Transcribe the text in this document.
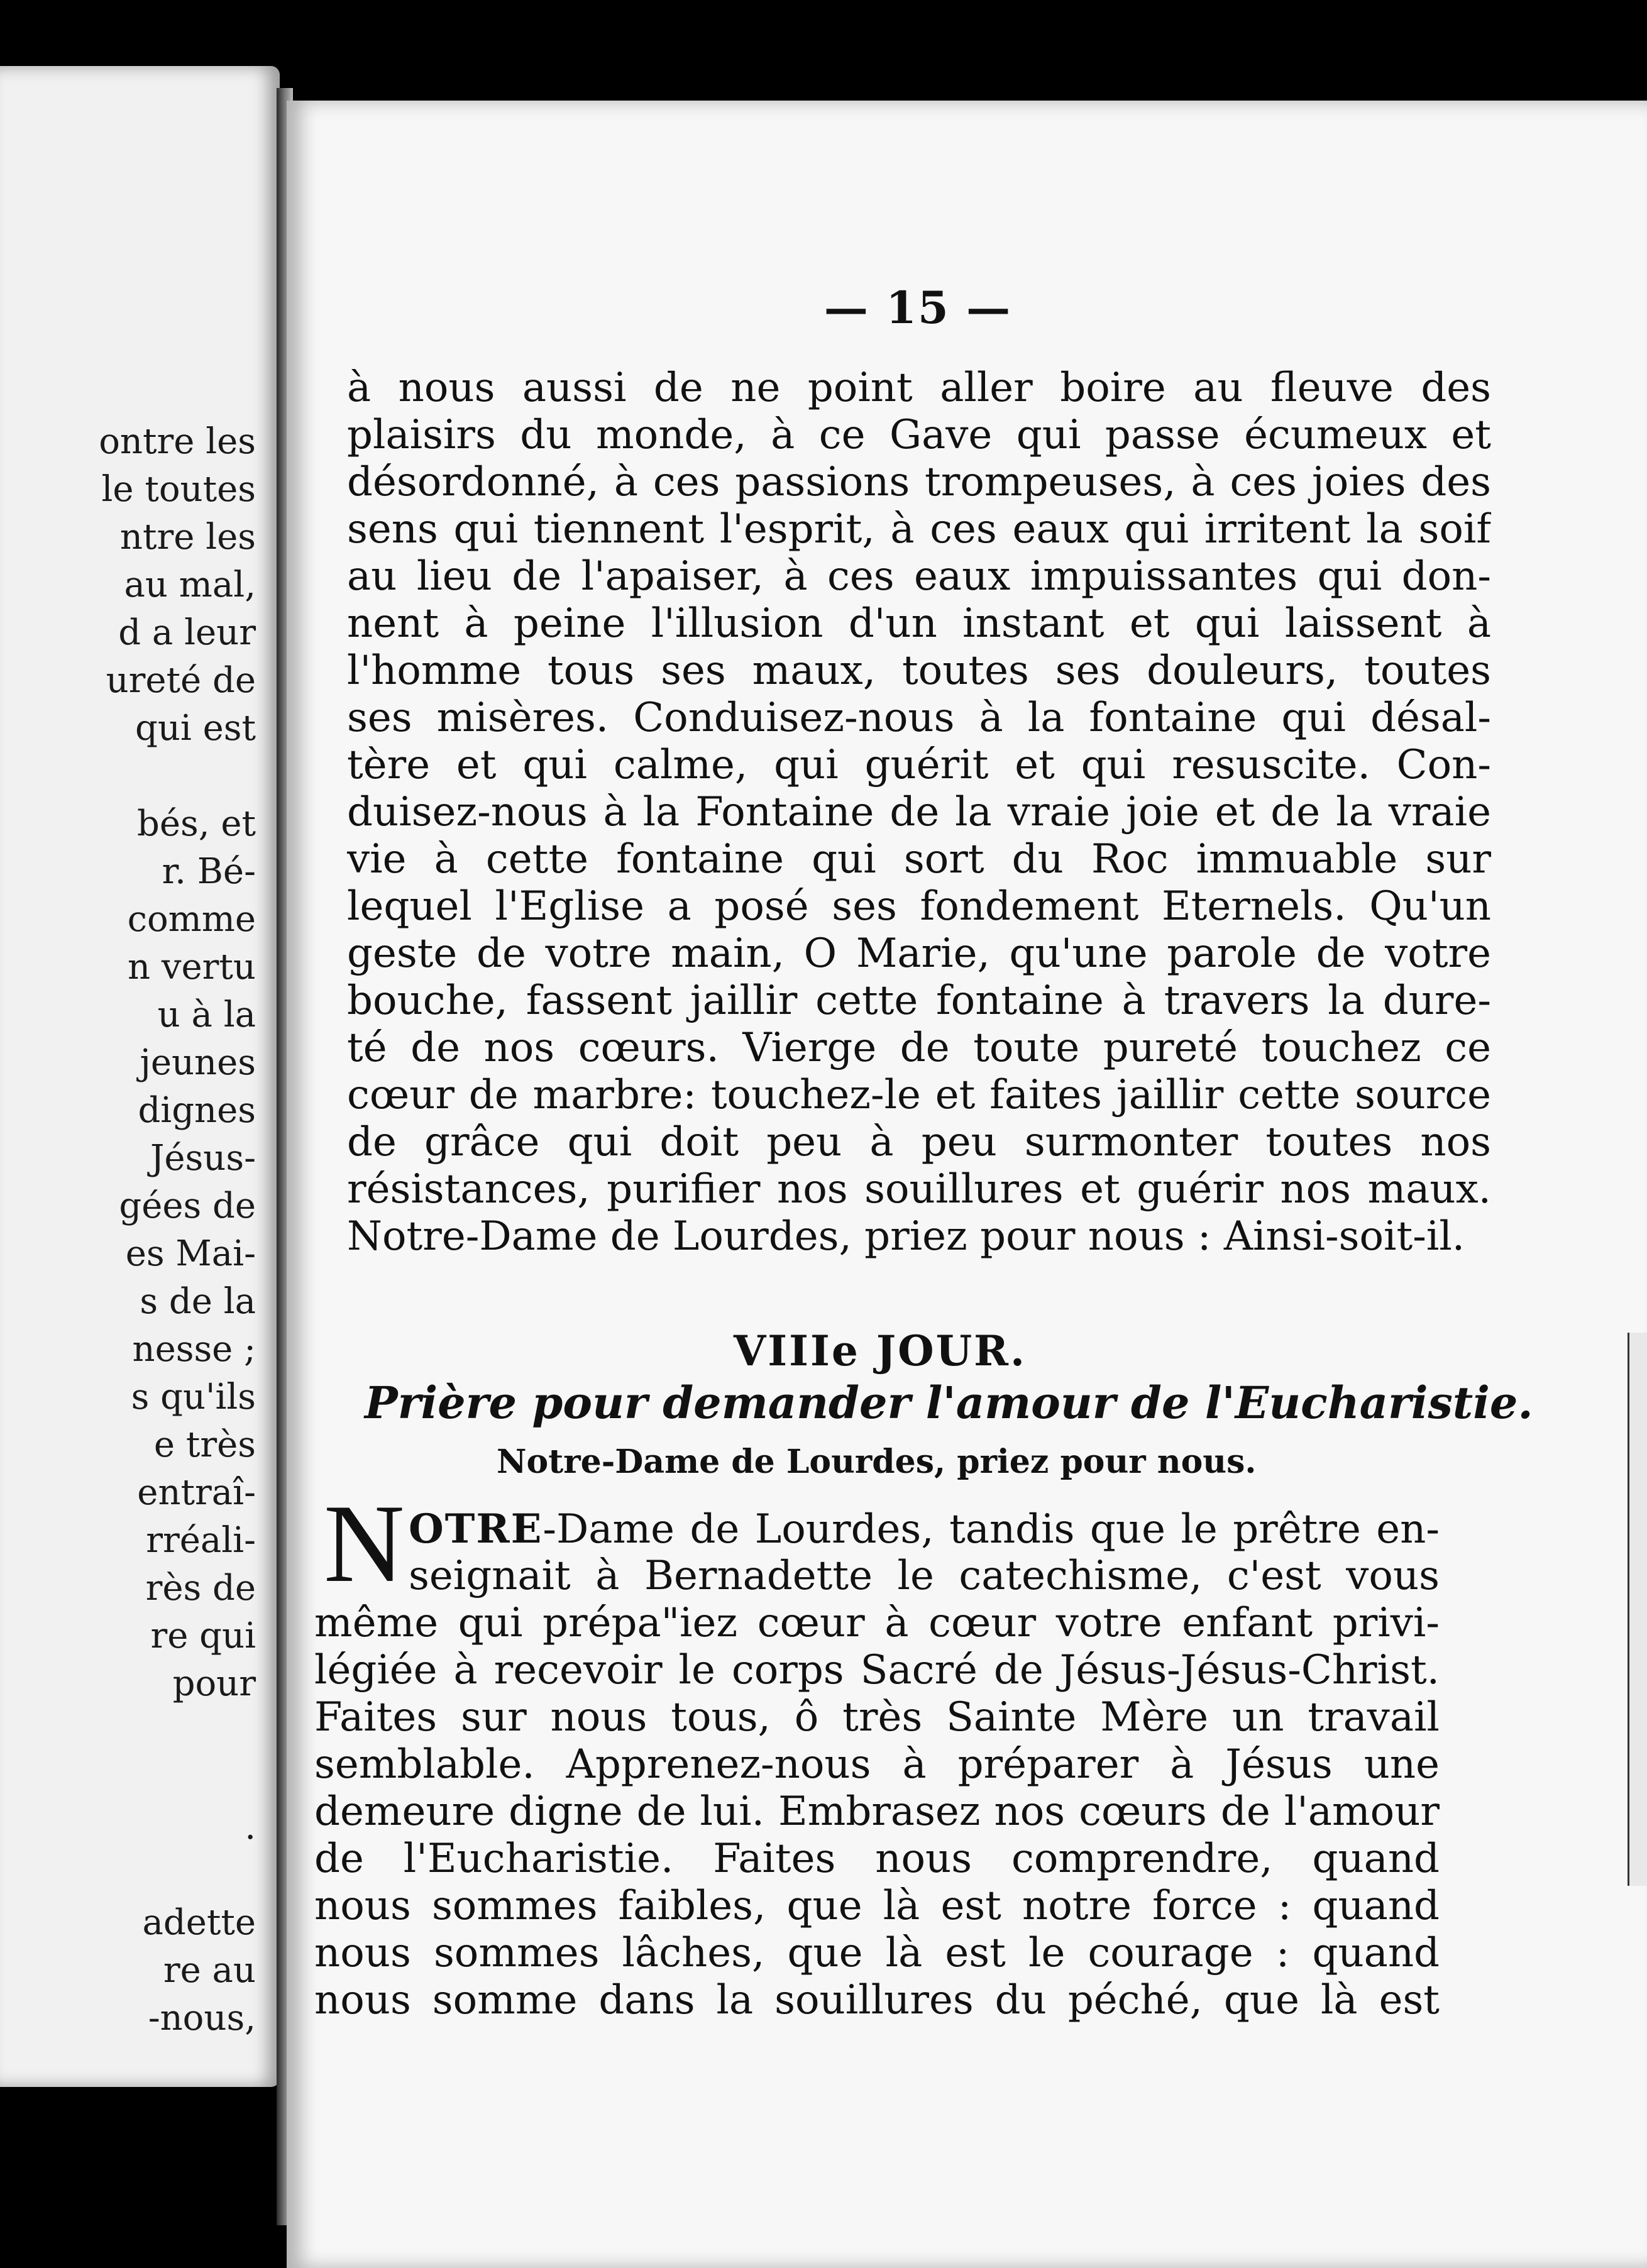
ontre les
le toutes
ntre les
au mal,
d a leur
ureté de
qui est

bés, et
r. Bé-
comme
n vertu
u à la
jeunes
dignes
Jésus-
gées de
es Mai-
s de la
nesse ;
s qu'ils
e très
entraî-
rréali-
rès de
re qui
pour

.

adette
re au
-nous,
— 15 —
à nous aussi de ne point aller boire au fleuve des
plaisirs du monde, à ce Gave qui passe écumeux et
désordonné, à ces passions trompeuses, à ces joies des
sens qui tiennent l'esprit, à ces eaux qui irritent la soif
au lieu de l'apaiser, à ces eaux impuissantes qui don-
nent à peine l'illusion d'un instant et qui laissent à
l'homme tous ses maux, toutes ses douleurs, toutes
ses misères. Conduisez-nous à la fontaine qui désal-
tère et qui calme, qui guérit et qui resuscite. Con-
duisez-nous à la Fontaine de la vraie joie et de la vraie
vie à cette fontaine qui sort du Roc immuable sur
lequel l'Eglise a posé ses fondement Eternels. Qu'un
geste de votre main, O Marie, qu'une parole de votre
bouche, fassent jaillir cette fontaine à travers la dure-
té de nos cœurs. Vierge de toute pureté touchez ce
cœur de marbre: touchez-le et faites jaillir cette source
de grâce qui doit peu à peu surmonter toutes nos
résistances, purifier nos souillures et guérir nos maux.
Notre-Dame de Lourdes, priez pour nous : Ainsi-soit-il.
VIIIe JOUR.
Prière pour demander l'amour de l'Eucharistie.
Notre-Dame de Lourdes, priez pour nous.
N OTRE-Dame de Lourdes, tandis que le prêtre en-
seignait à Bernadette le catechisme, c'est vous
même qui prépa"iez cœur à cœur votre enfant privi-
légiée à recevoir le corps Sacré de Jésus-Jésus-Christ.
Faites sur nous tous, ô très Sainte Mère un travail
semblable. Apprenez-nous à préparer à Jésus une
demeure digne de lui. Embrasez nos cœurs de l'amour
de l'Eucharistie. Faites nous comprendre, quand
nous sommes faibles, que là est notre force : quand
nous sommes lâches, que là est le courage : quand
nous somme dans la souillures du péché, que là est
